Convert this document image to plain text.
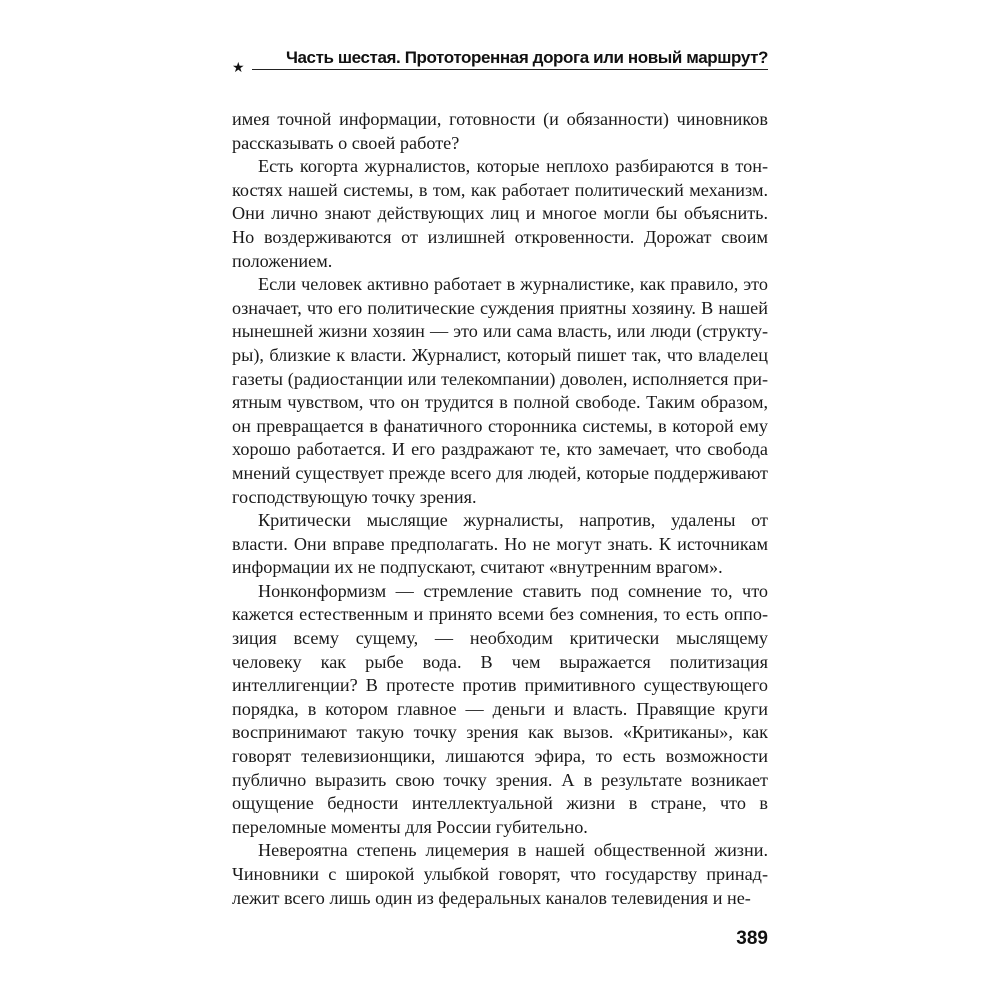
★
Часть шестая. Прототоренная дорога или новый маршрут?

имея точной информации, готовности (и обязанности) чиновников рассказывать о своей работе?

Есть когорта журналистов, которые неплохо разбираются в тонкостях нашей системы, в том, как работает политический механизм. Они лично знают действующих лиц и многое могли бы объяснить. Но воздерживаются от излишней откровенности. Дорожат своим положением.

Если человек активно работает в журналистике, как правило, это означает, что его политические суждения приятны хозяину. В нашей нынешней жизни хозяин — это или сама власть, или люди (структуры), близкие к власти. Журналист, который пишет так, что владелец газеты (радиостанции или телекомпании) доволен, исполняется приятным чувством, что он трудится в полной свободе. Таким образом, он превращается в фанатичного сторонника системы, в которой ему хорошо работается. И его раздражают те, кто замечает, что свобода мнений существует прежде всего для людей, которые поддерживают господствующую точку зрения.

Критически мыслящие журналисты, напротив, удалены от власти. Они вправе предполагать. Но не могут знать. К источникам информации их не подпускают, считают «внутренним врагом».

Нонконформизм — стремление ставить под сомнение то, что кажется естественным и принято всеми без сомнения, то есть оппозиция всему сущему, — необходим критически мыслящему человеку как рыбе вода. В чем выражается политизация интеллигенции? В протесте против примитивного существующего порядка, в котором главное — деньги и власть. Правящие круги воспринимают такую точку зрения как вызов. «Критиканы», как говорят телевизионщики, лишаются эфира, то есть возможности публично выразить свою точку зрения. А в результате возникает ощущение бедности интеллектуальной жизни в стране, что в переломные моменты для России губительно.

Невероятна степень лицемерия в нашей общественной жизни. Чиновники с широкой улыбкой говорят, что государству принадлежит всего лишь один из федеральных каналов телевидения и не-

389
